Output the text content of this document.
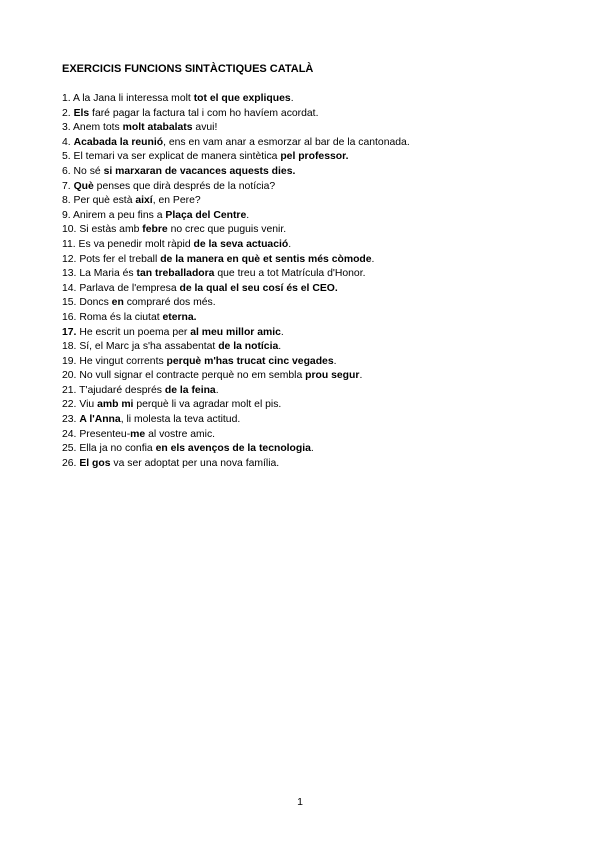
EXERCICIS FUNCIONS SINTÀCTIQUES CATALÀ
1. A la Jana li interessa molt tot el que expliques.
2. Els faré pagar la factura tal i com ho havíem acordat.
3. Anem tots molt atabalats avui!
4. Acabada la reunió, ens en vam anar a esmorzar al bar de la cantonada.
5. El temari va ser explicat de manera sintètica pel professor.
6. No sé si marxaran de vacances aquests dies.
7. Què penses que dirà després de la notícia?
8. Per què està així, en Pere?
9. Anirem a peu fins a Plaça del Centre.
10. Si estàs amb febre no crec que puguis venir.
11. Es va penedir molt ràpid de la seva actuació.
12. Pots fer el treball de la manera en què et sentis més còmode.
13. La Maria és tan treballadora que treu a tot Matrícula d'Honor.
14. Parlava de l'empresa de la qual el seu cosí és el CEO.
15. Doncs en compraré dos més.
16. Roma és la ciutat eterna.
17. He escrit un poema per al meu millor amic.
18. Sí, el Marc ja s'ha assabentat de la notícia.
19. He vingut corrents perquè m'has trucat cinc vegades.
20. No vull signar el contracte perquè no em sembla prou segur.
21. T'ajudaré després de la feina.
22. Viu amb mi perquè li va agradar molt el pis.
23. A l'Anna, li molesta la teva actitud.
24. Presenteu-me al vostre amic.
25. Ella ja no confia en els avenços de la tecnologia.
26. El gos va ser adoptat per una nova família.
1
